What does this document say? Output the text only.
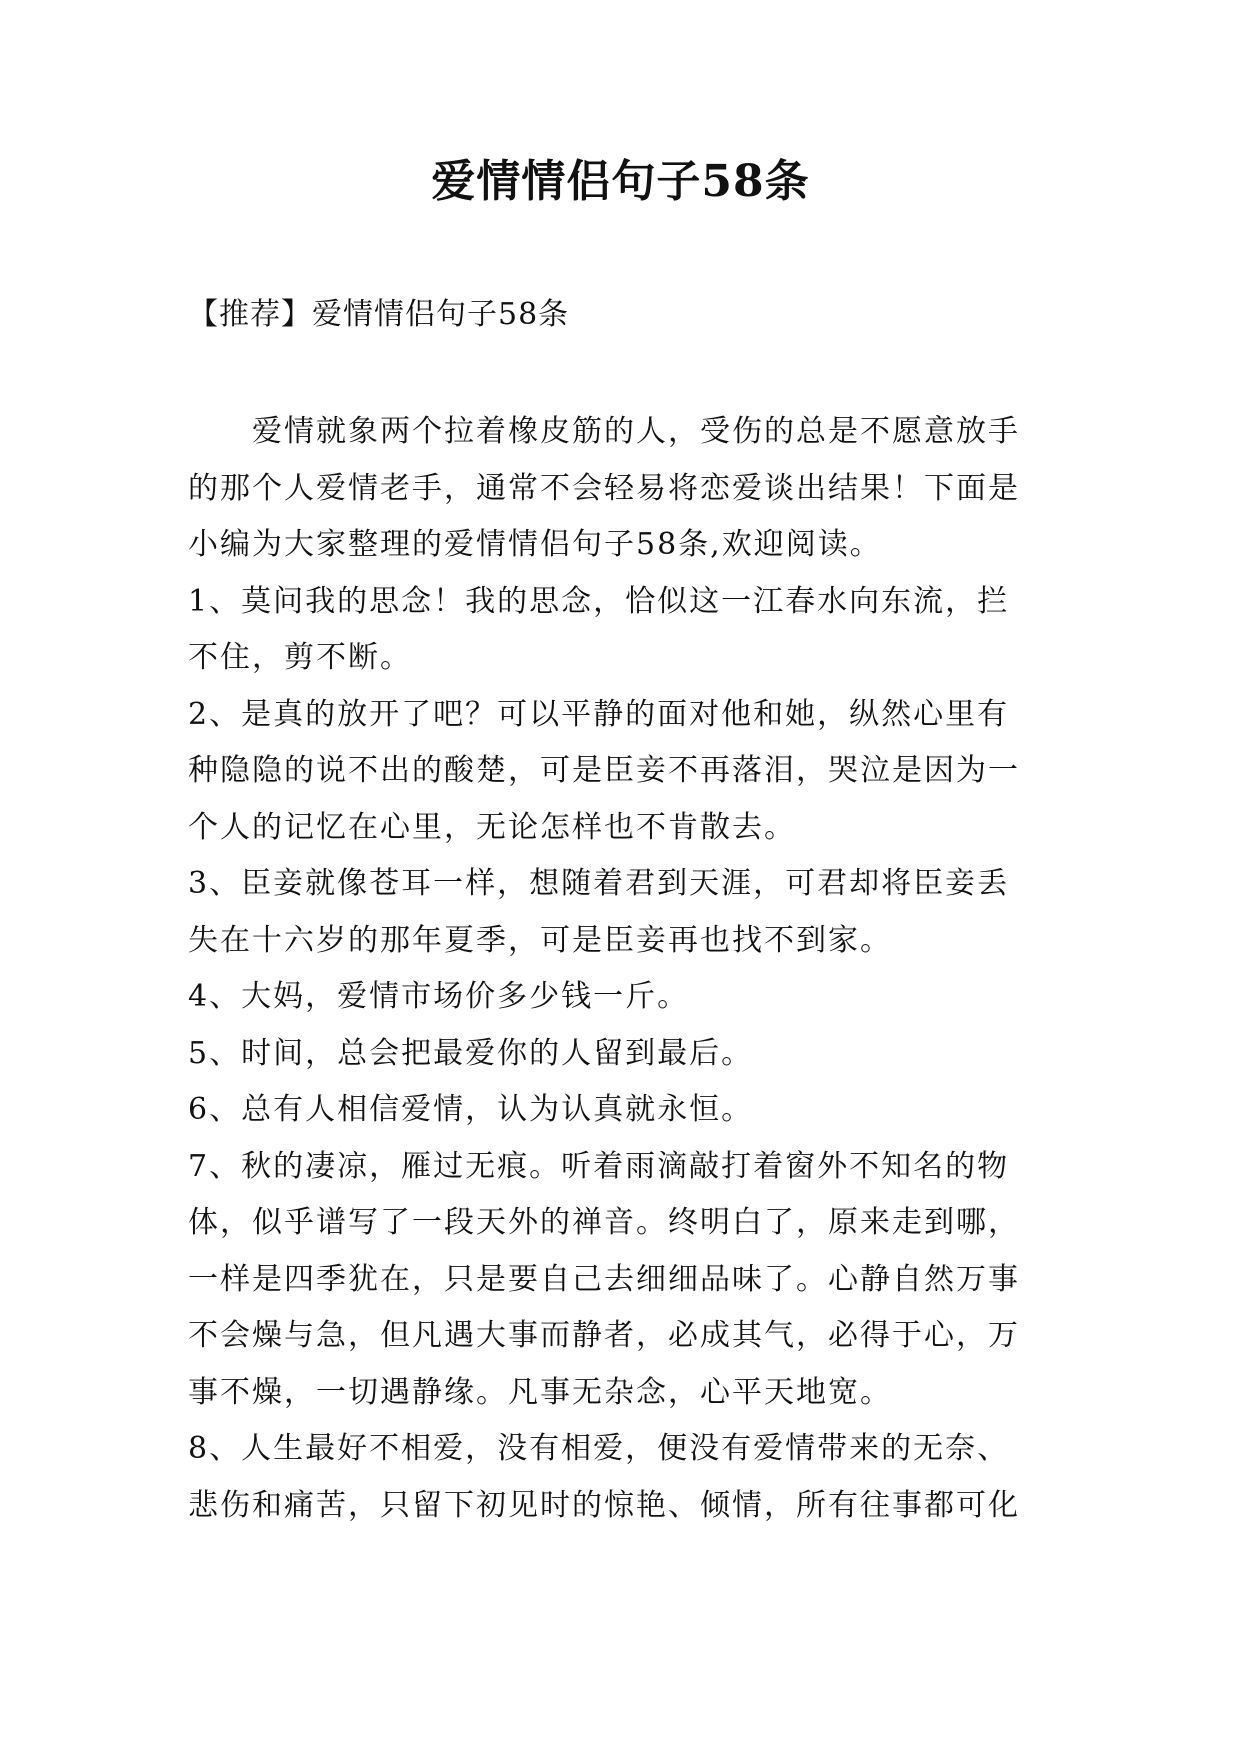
爱情情侣句子58条
【推荐】爱情情侣句子58条
　　爱情就象两个拉着橡皮筋的人，受伤的总是不愿意放手
的那个人爱情老手，通常不会轻易将恋爱谈出结果！下面是
小编为大家整理的爱情情侣句子58条,欢迎阅读。
1、莫问我的思念！我的思念，恰似这一江春水向东流，拦
不住，剪不断。
2、是真的放开了吧？可以平静的面对他和她，纵然心里有
种隐隐的说不出的酸楚，可是臣妾不再落泪，哭泣是因为一
个人的记忆在心里，无论怎样也不肯散去。
3、臣妾就像苍耳一样，想随着君到天涯，可君却将臣妾丢
失在十六岁的那年夏季，可是臣妾再也找不到家。
4、大妈，爱情市场价多少钱一斤。
5、时间，总会把最爱你的人留到最后。
6、总有人相信爱情，认为认真就永恒。
7、秋的凄凉，雁过无痕。听着雨滴敲打着窗外不知名的物
体，似乎谱写了一段天外的禅音。终明白了，原来走到哪，
一样是四季犹在，只是要自己去细细品味了。心静自然万事
不会燥与急，但凡遇大事而静者，必成其气，必得于心，万
事不燥，一切遇静缘。凡事无杂念，心平天地宽。
8、人生最好不相爱，没有相爱，便没有爱情带来的无奈、
悲伤和痛苦，只留下初见时的惊艳、倾情，所有往事都可化
